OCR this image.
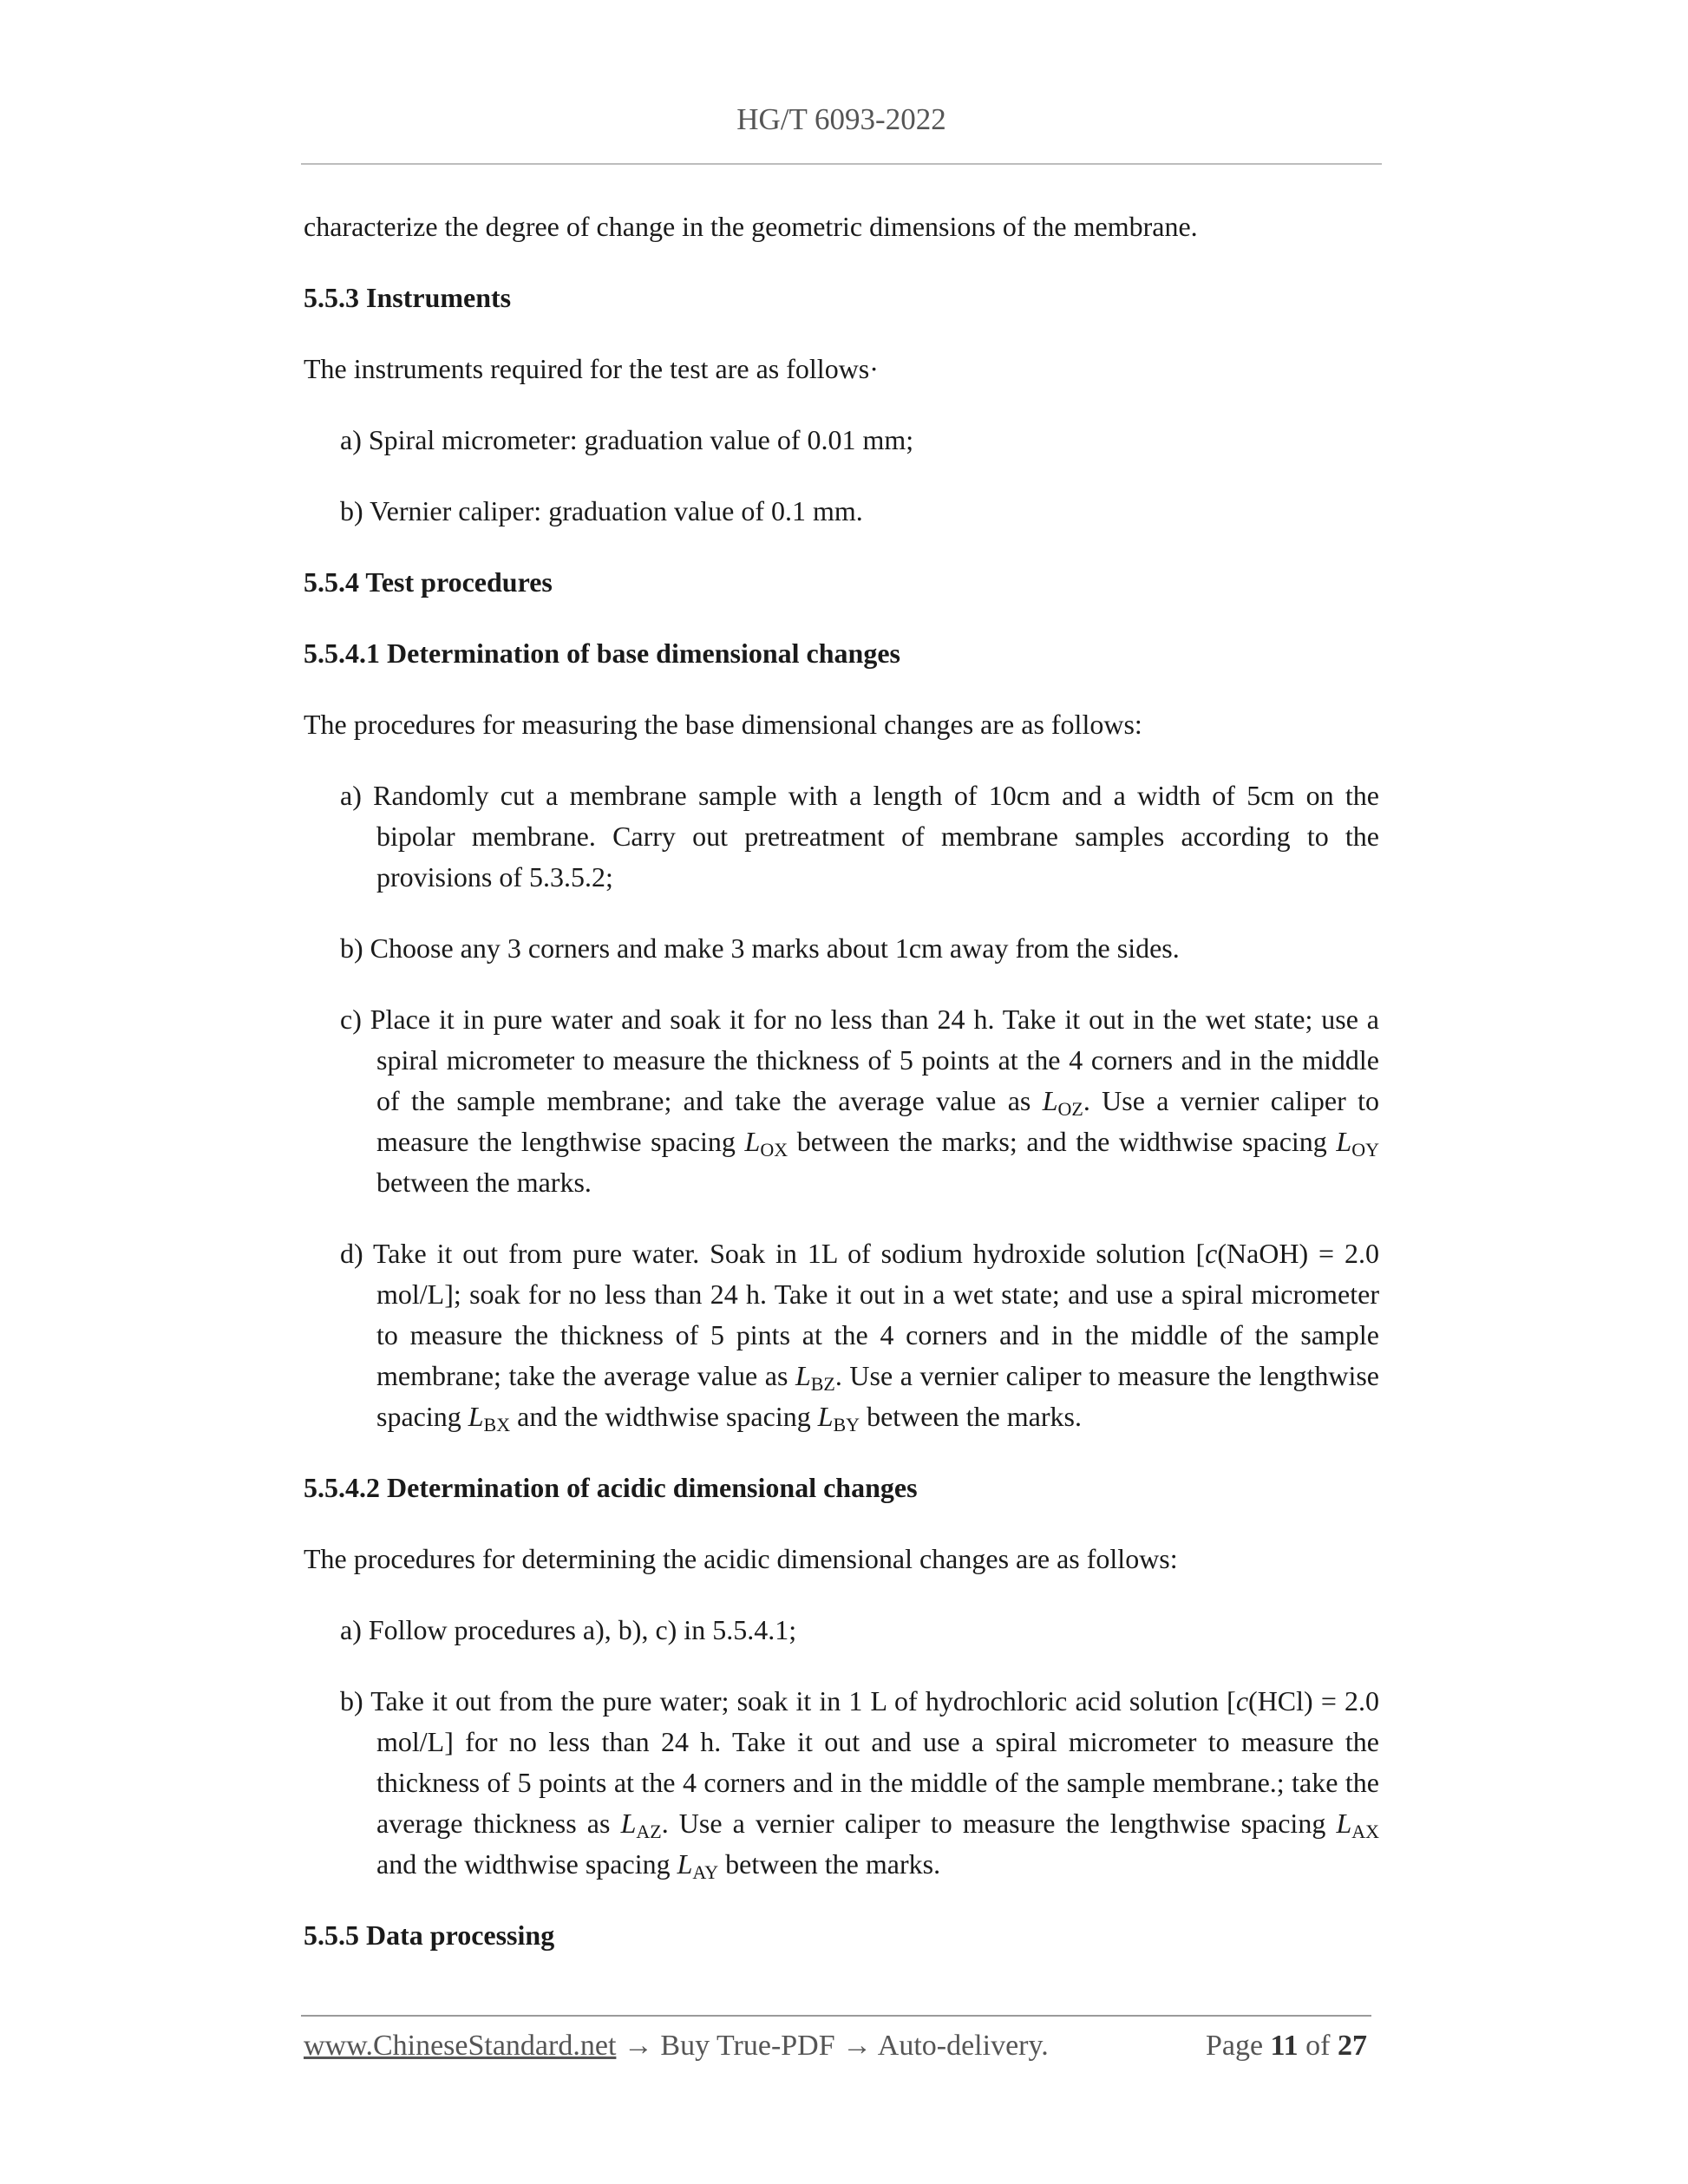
HG/T 6093-2022

characterize the degree of change in the geometric dimensions of the membrane.

5.5.3 Instruments

The instruments required for the test are as follows·

a) Spiral micrometer: graduation value of 0.01 mm;

b) Vernier caliper: graduation value of 0.1 mm.

5.5.4 Test procedures

5.5.4.1 Determination of base dimensional changes

The procedures for measuring the base dimensional changes are as follows:

a) Randomly cut a membrane sample with a length of 10cm and a width of 5cm on the bipolar membrane. Carry out pretreatment of membrane samples according to the provisions of 5.3.5.2;

b) Choose any 3 corners and make 3 marks about 1cm away from the sides.

c) Place it in pure water and soak it for no less than 24 h. Take it out in the wet state; use a spiral micrometer to measure the thickness of 5 points at the 4 corners and in the middle of the sample membrane; and take the average value as $L_{OZ}$. Use a vernier caliper to measure the lengthwise spacing $L_{OX}$ between the marks; and the widthwise spacing $L_{OY}$ between the marks.

d) Take it out from pure water. Soak in 1L of sodium hydroxide solution [c(NaOH) = 2.0 mol/L]; soak for no less than 24 h. Take it out in a wet state; and use a spiral micrometer to measure the thickness of 5 pints at the 4 corners and in the middle of the sample membrane; take the average value as $L_{BZ}$. Use a vernier caliper to measure the lengthwise spacing $L_{BX}$ and the widthwise spacing $L_{BY}$ between the marks.

5.5.4.2 Determination of acidic dimensional changes

The procedures for determining the acidic dimensional changes are as follows:

a) Follow procedures a), b), c) in 5.5.4.1;

b) Take it out from the pure water; soak it in 1 L of hydrochloric acid solution [c(HCl) = 2.0 mol/L] for no less than 24 h. Take it out and use a spiral micrometer to measure the thickness of 5 points at the 4 corners and in the middle of the sample membrane.; take the average thickness as $L_{AZ}$. Use a vernier caliper to measure the lengthwise spacing $L_{AX}$ and the widthwise spacing $L_{AY}$ between the marks.

5.5.5 Data processing

www.ChineseStandard.net → Buy True-PDF → Auto-delivery.	Page 11 of 27
